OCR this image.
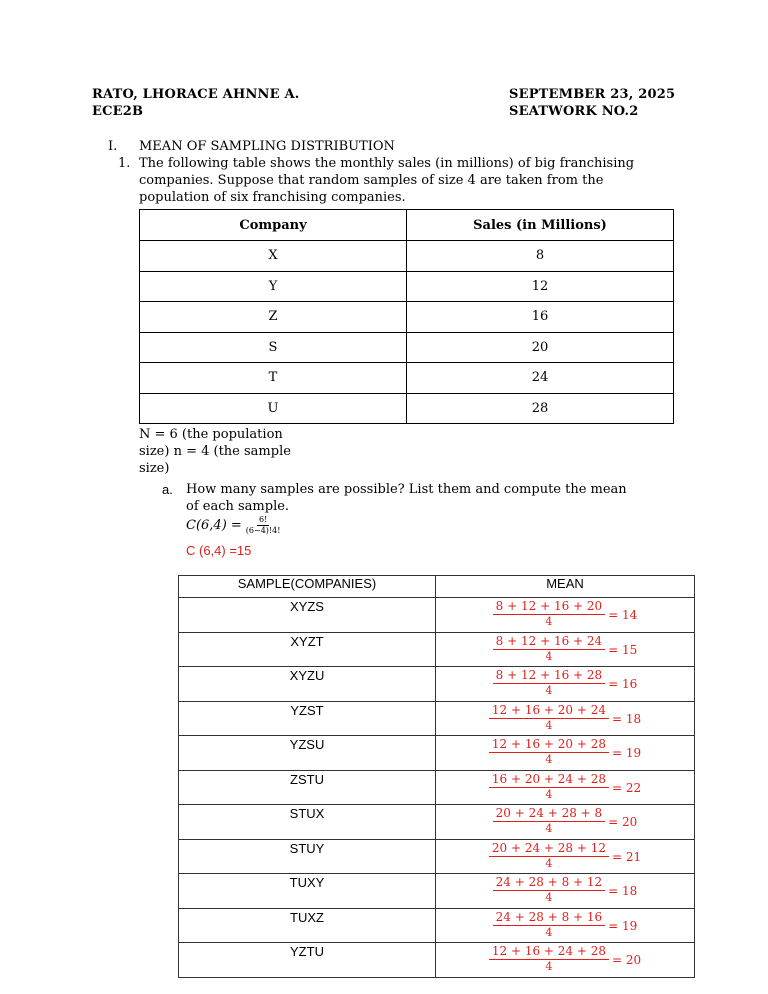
RATO, LHORACE AHNNE A.
ECE2B
SEPTEMBER 23, 2025
SEATWORK NO.2
I. MEAN OF SAMPLING DISTRIBUTION
1. The following table shows the monthly sales (in millions) of big franchising
companies. Suppose that random samples of size 4 are taken from the
population of six franchising companies.
Company	Sales (in Millions)
X	8
Y	12
Z	16
S	20
T	24
U	28
N = 6 (the population
size) n = 4 (the sample
size)
a. How many samples are possible? List them and compute the mean
of each sample.
$C(6,4) = \frac{6!}{(6-4)!4!}$
C (6,4) =15
SAMPLE(COMPANIES)	MEAN
XYZS	$\frac{8 + 12 + 16 + 20}{4} = 14$

XYZT	$\frac{8 + 12 + 16 + 24}{4} = 15$

XYZU	$\frac{8 + 12 + 16 + 28}{4} = 16$

YZST	$\frac{12 + 16 + 20 + 24}{4} = 18$

YZSU	$\frac{12 + 16 + 20 + 28}{4} = 19$

ZSTU	$\frac{16 + 20 + 24 + 28}{4} = 22$

STUX	$\frac{20 + 24 + 28 + 8}{4} = 20$

STUY	$\frac{20 + 24 + 28 + 12}{4} = 21$

TUXY	$\frac{24 + 28 + 8 + 12}{4} = 18$

TUXZ	$\frac{24 + 28 + 8 + 16}{4} = 19$

YZTU	$\frac{12 + 16 + 24 + 28}{4} = 20$
